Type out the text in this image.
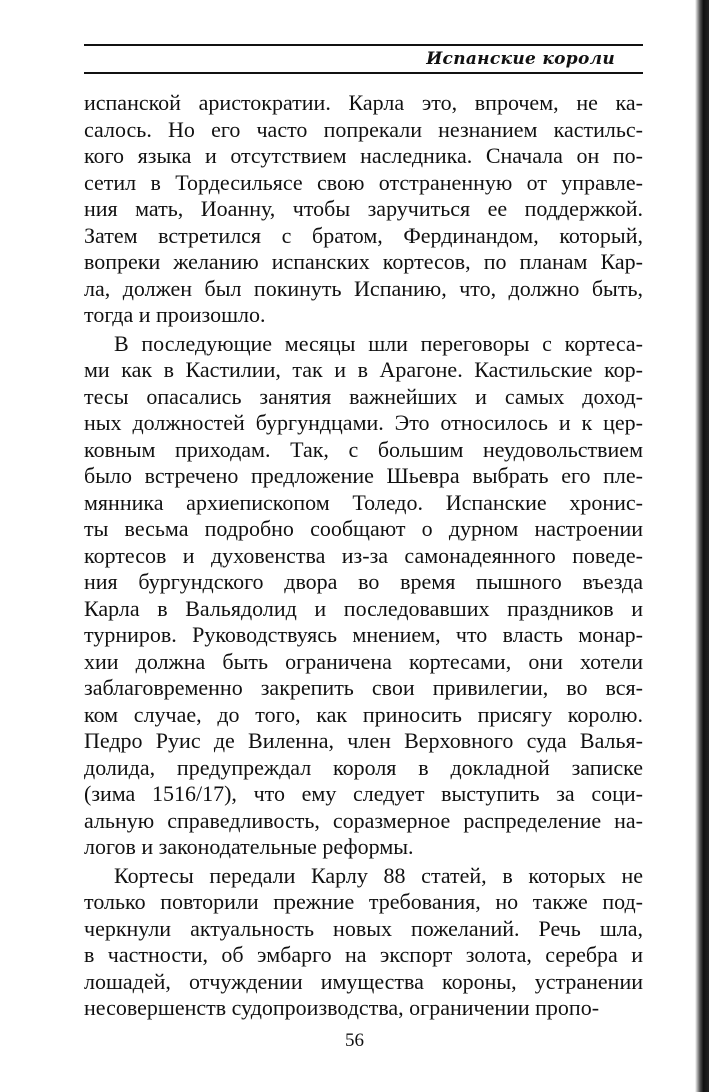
Испанские короли
испанской аристократии. Карла это, впрочем, не ка-
салось. Но его часто попрекали незнанием кастильс-
кого языка и отсутствием наследника. Сначала он по-
сетил в Тордесильясе свою отстраненную от управле-
ния мать, Иоанну, чтобы заручиться ее поддержкой.
Затем встретился с братом, Фердинандом, который,
вопреки желанию испанских кортесов, по планам Кар-
ла, должен был покинуть Испанию, что, должно быть,
тогда и произошло.
В последующие месяцы шли переговоры с кортеса-
ми как в Кастилии, так и в Арагоне. Кастильские кор-
тесы опасались занятия важнейших и самых доход-
ных должностей бургундцами. Это относилось и к цер-
ковным приходам. Так, с большим неудовольствием
было встречено предложение Шьевра выбрать его пле-
мянника архиепископом Толедо. Испанские хронис-
ты весьма подробно сообщают о дурном настроении
кортесов и духовенства из-за самонадеянного поведе-
ния бургундского двора во время пышного въезда
Карла в Вальядолид и последовавших праздников и
турниров. Руководствуясь мнением, что власть монар-
хии должна быть ограничена кортесами, они хотели
заблаговременно закрепить свои привилегии, во вся-
ком случае, до того, как приносить присягу королю.
Педро Руис де Виленна, член Верховного суда Валья-
долида, предупреждал короля в докладной записке
(зима 1516/17), что ему следует выступить за соци-
альную справедливость, соразмерное распределение на-
логов и законодательные реформы.
Кортесы передали Карлу 88 статей, в которых не
только повторили прежние требования, но также под-
черкнули актуальность новых пожеланий. Речь шла,
в частности, об эмбарго на экспорт золота, серебра и
лошадей, отчуждении имущества короны, устранении
несовершенств судопроизводства, ограничении пропо-
56
